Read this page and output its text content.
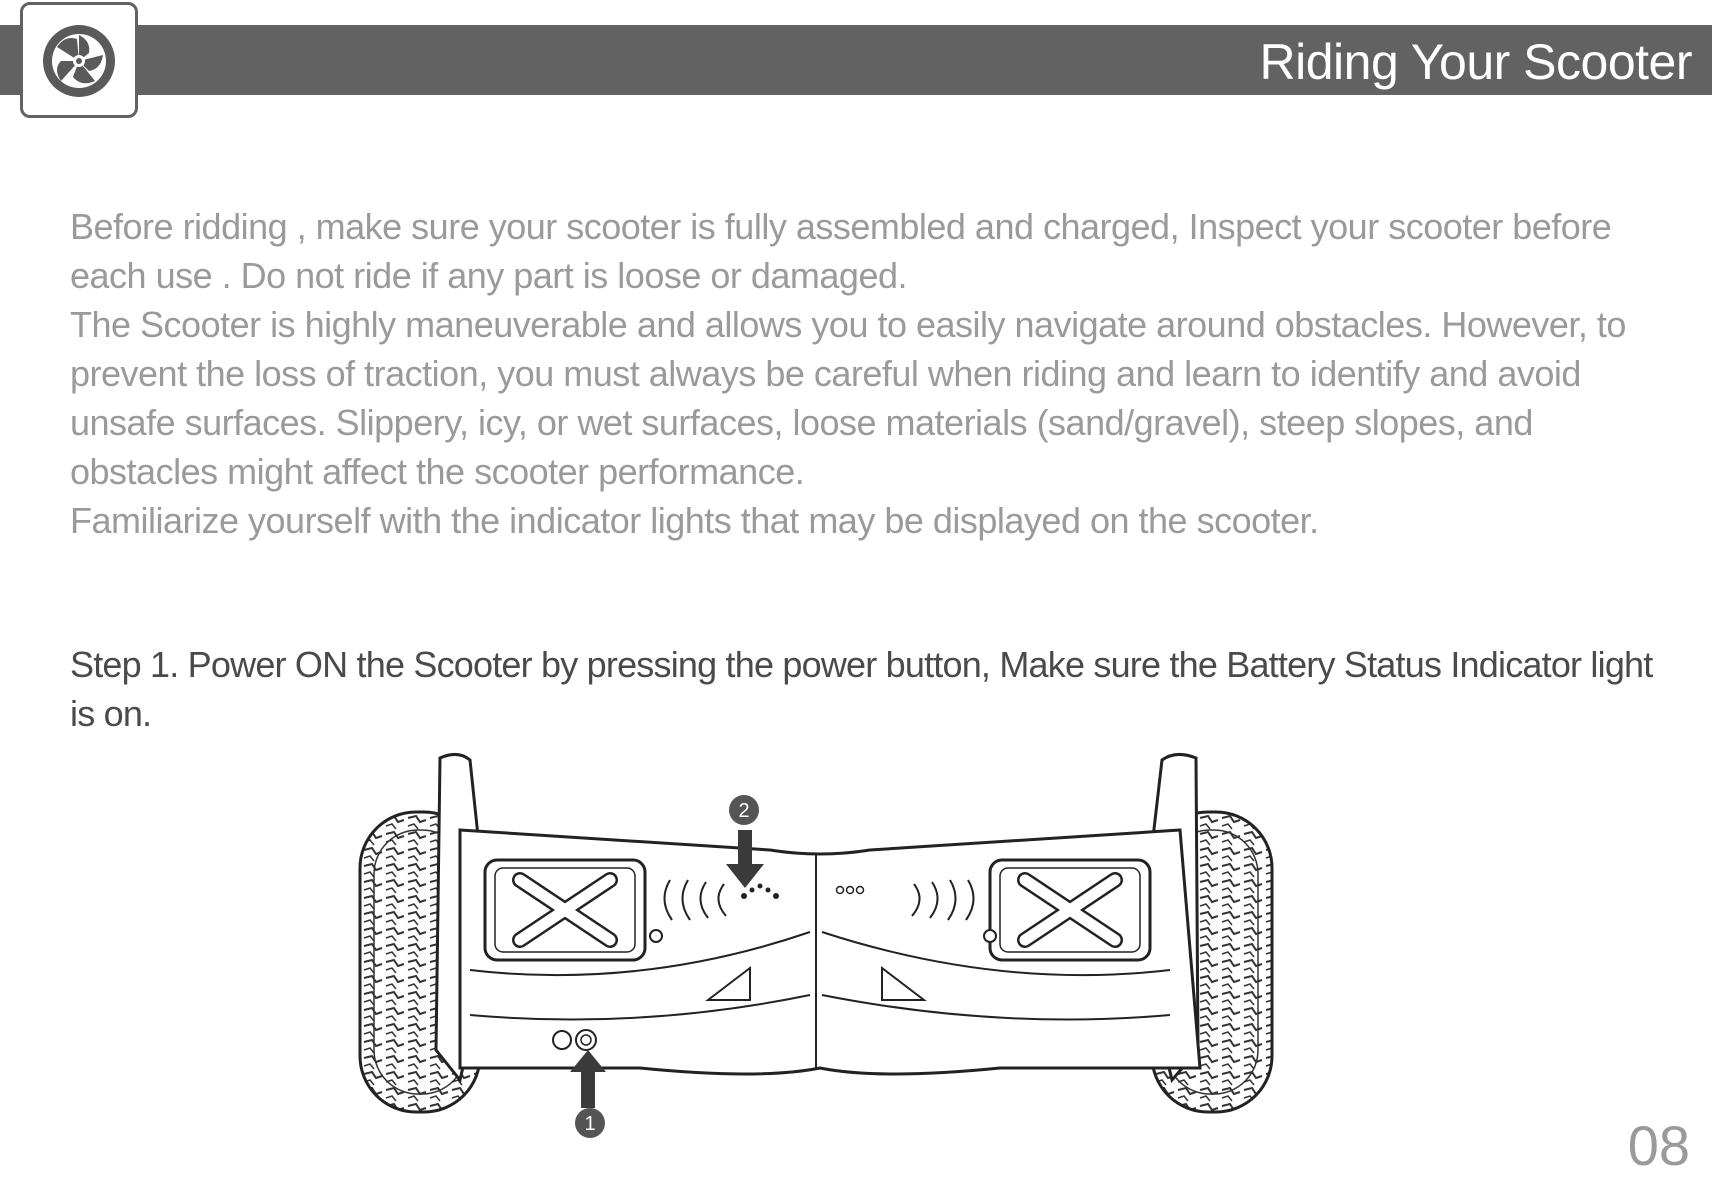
Riding Your Scooter

Before ridding , make sure your scooter is fully assembled and charged, Inspect your scooter before each use . Do not ride if any part is loose or damaged.

The Scooter is highly maneuverable and allows you to easily navigate around obstacles. However, to prevent the loss of traction, you must always be careful when riding and learn to identify and avoid unsafe surfaces. Slippery, icy, or wet surfaces, loose materials (sand/gravel), steep slopes, and obstacles might affect the scooter performance.

Familiarize yourself with the indicator lights that may be displayed on the scooter.

Step 1. Power ON the Scooter by pressing the power button, Make sure the Battery Status Indicator light is on.

2
1	08
